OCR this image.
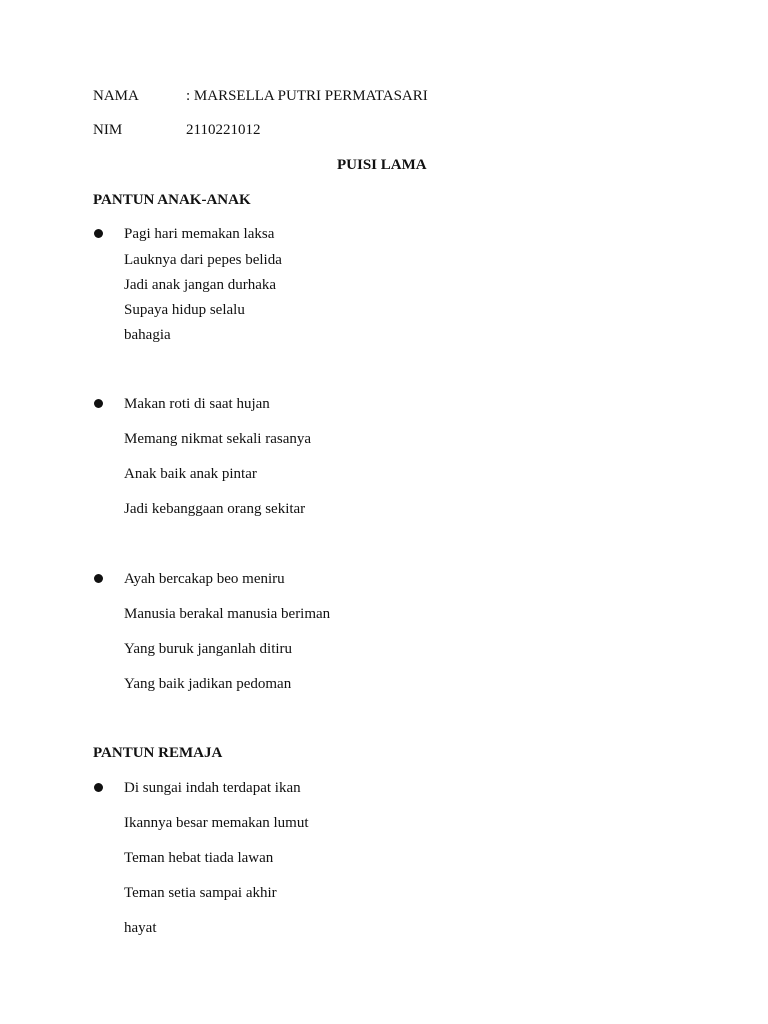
NAMA	: MARSELLA PUTRI PERMATASARI
NIM	2110221012
PUISI LAMA
PANTUN ANAK-ANAK
Pagi hari memakan laksa
Lauknya dari pepes belida
Jadi anak jangan durhaka
Supaya hidup selalu
bahagia
Makan roti di saat hujan
Memang nikmat sekali rasanya
Anak baik anak pintar
Jadi kebanggaan orang sekitar
Ayah bercakap beo meniru
Manusia berakal manusia beriman
Yang buruk janganlah ditiru
Yang baik jadikan pedoman
PANTUN REMAJA
Di sungai indah terdapat ikan
Ikannya besar memakan lumut
Teman hebat tiada lawan
Teman setia sampai akhir
hayat
